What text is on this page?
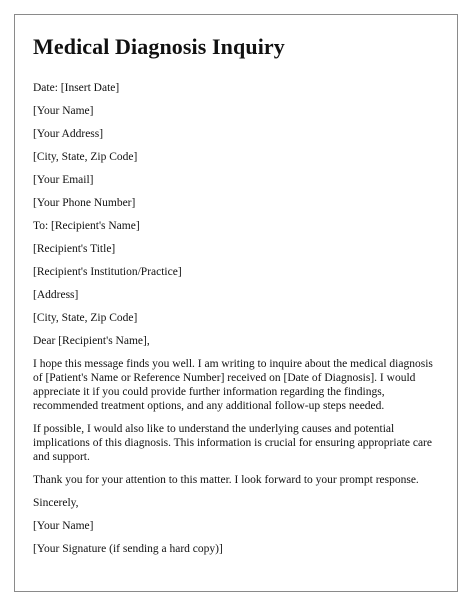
Medical Diagnosis Inquiry

Date: [Insert Date]

[Your Name]

[Your Address]

[City, State, Zip Code]

[Your Email]

[Your Phone Number]

To: [Recipient's Name]

[Recipient's Title]

[Recipient's Institution/Practice]

[Address]

[City, State, Zip Code]

Dear [Recipient's Name],

I hope this message finds you well. I am writing to inquire about the medical diagnosis of [Patient's Name or Reference Number] received on [Date of Diagnosis]. I would appreciate it if you could provide further information regarding the findings, recommended treatment options, and any additional follow-up steps needed.

If possible, I would also like to understand the underlying causes and potential implications of this diagnosis. This information is crucial for ensuring appropriate care and support.

Thank you for your attention to this matter. I look forward to your prompt response.

Sincerely,

[Your Name]

[Your Signature (if sending a hard copy)]
